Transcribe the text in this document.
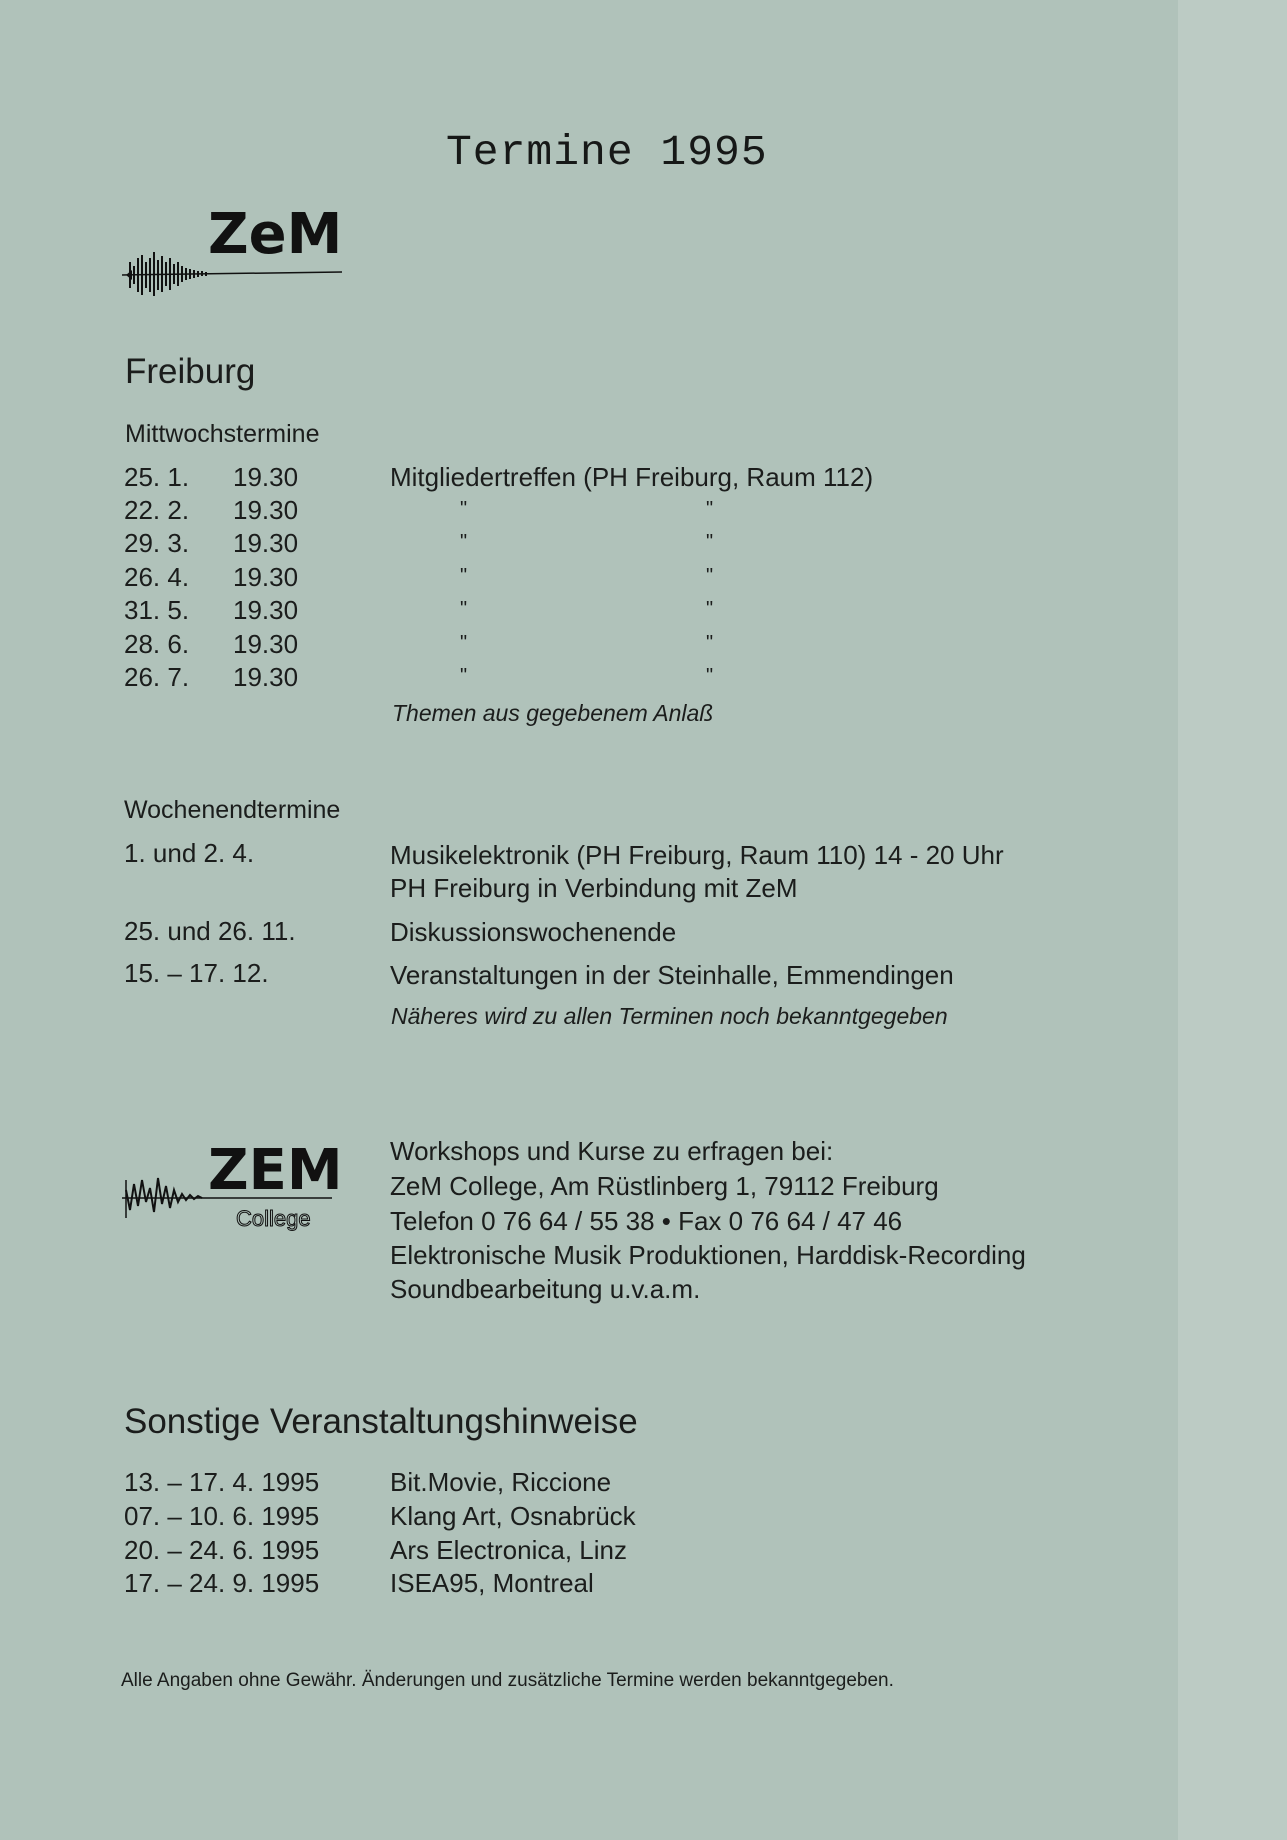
Termine 1995
ZeM
Freiburg
Mittwochstermine
25. 1. 19.30	Mitgliedertreffen (PH Freiburg, Raum 112)
22. 2. 19.30	"	"
29. 3. 19.30	"	"
26. 4. 19.30	"	"
31. 5. 19.30	"	"
28. 6. 19.30	"	"
26. 7. 19.30	"	"
Themen aus gegebenem Anlaß
Wochenendtermine
1. und 2. 4.	Musikelektronik (PH Freiburg, Raum 110) 14 - 20 Uhr
PH Freiburg in Verbindung mit ZeM
25. und 26. 11.	Diskussionswochenende
15. – 17. 12.	Veranstaltungen in der Steinhalle, Emmendingen
Näheres wird zu allen Terminen noch bekanntgegeben
ZEM
College
Workshops und Kurse zu erfragen bei:
ZeM College, Am Rüstlinberg 1, 79112 Freiburg
Telefon 0 76 64 / 55 38 • Fax 0 76 64 / 47 46
Elektronische Musik Produktionen, Harddisk-Recording
Soundbearbeitung u.v.a.m.
Sonstige Veranstaltungshinweise
13. – 17. 4. 1995	Bit.Movie, Riccione
07. – 10. 6. 1995	Klang Art, Osnabrück
20. – 24. 6. 1995	Ars Electronica, Linz
17. – 24. 9. 1995	ISEA95, Montreal
Alle Angaben ohne Gewähr. Änderungen und zusätzliche Termine werden bekanntgegeben.
